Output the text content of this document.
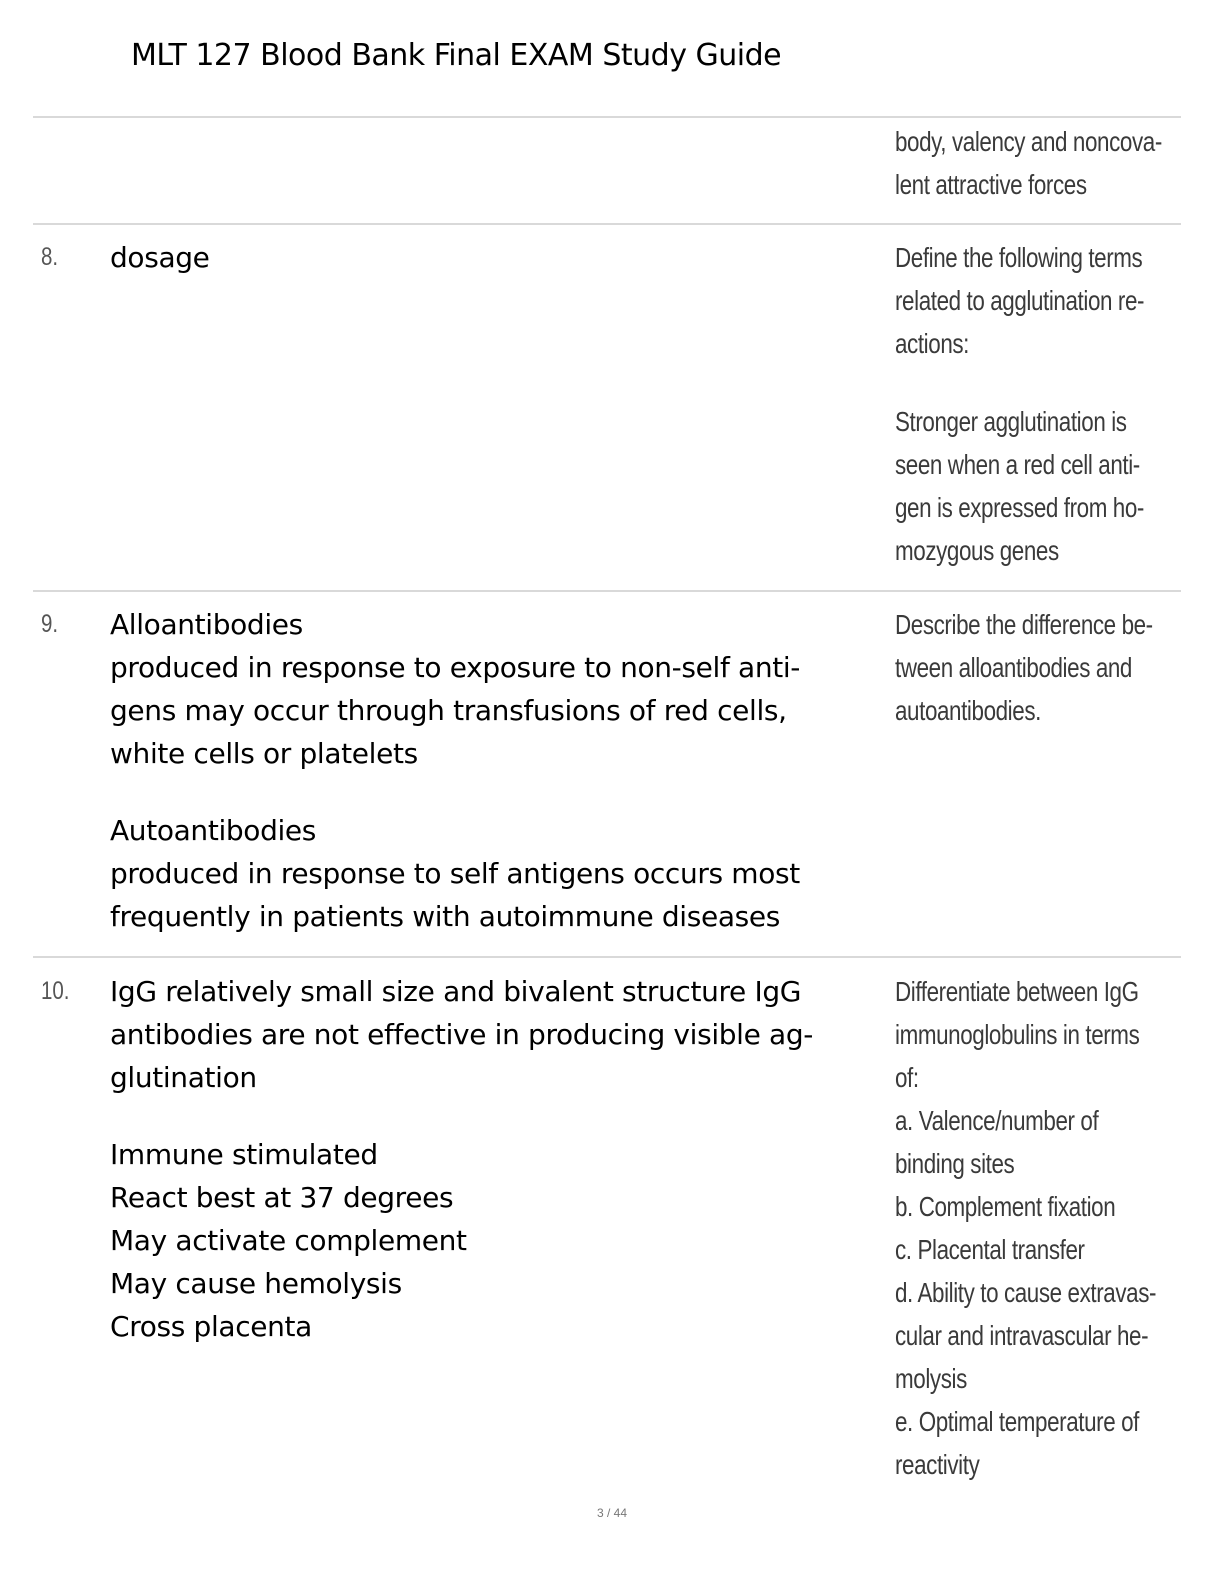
MLT 127 Blood Bank Final EXAM Study Guide
body, valency and noncova-
lent attractive forces
8. dosage	Define the following terms
related to agglutination re-
actions:
Stronger agglutination is
seen when a red cell anti-
gen is expressed from ho-
mozygous genes
9. Alloantibodies
produced in response to exposure to non-self anti-
gens may occur through transfusions of red cells,
white cells or platelets
Autoantibodies
produced in response to self antigens occurs most
frequently in patients with autoimmune diseases
Describe the difference be-
tween alloantibodies and
autoantibodies.
10. IgG relatively small size and bivalent structure IgG
antibodies are not effective in producing visible ag-
glutination
Immune stimulated
React best at 37 degrees
May activate complement
May cause hemolysis
Cross placenta
Differentiate between IgG
immunoglobulins in terms
of:
a. Valence/number of
binding sites
b. Complement fixation
c. Placental transfer
d. Ability to cause extravas-
cular and intravascular he-
molysis
e. Optimal temperature of
reactivity
3 / 44
